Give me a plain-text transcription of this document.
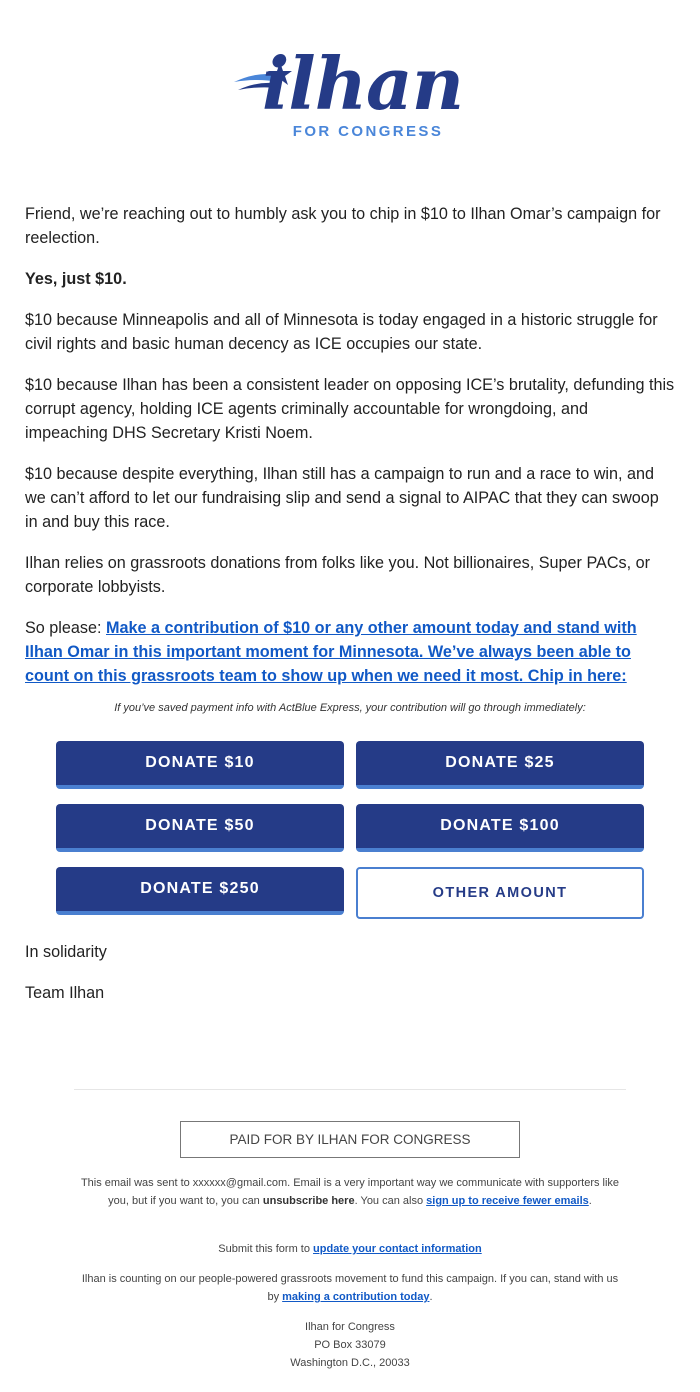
ilhan
FOR CONGRESS

Friend, we’re reaching out to humbly ask you to chip in $10 to Ilhan Omar’s campaign for reelection.

Yes, just $10.

$10 because Minneapolis and all of Minnesota is today engaged in a historic struggle for civil rights and basic human decency as ICE occupies our state.

$10 because Ilhan has been a consistent leader on opposing ICE’s brutality, defunding this corrupt agency, holding ICE agents criminally accountable for wrongdoing, and impeaching DHS Secretary Kristi Noem.

$10 because despite everything, Ilhan still has a campaign to run and a race to win, and we can’t afford to let our fundraising slip and send a signal to AIPAC that they can swoop in and buy this race.

Ilhan relies on grassroots donations from folks like you. Not billionaires, Super PACs, or corporate lobbyists.

So please: Make a contribution of $10 or any other amount today and stand with Ilhan Omar in this important moment for Minnesota. We’ve always been able to count on this grassroots team to show up when we need it most. Chip in here:

If you’ve saved payment info with ActBlue Express, your contribution will go through immediately:
DONATE $10	DONATE $25
DONATE $50	DONATE $100
DONATE $250	OTHER AMOUNT
In solidarity
Team Ilhan
PAID FOR BY ILHAN FOR CONGRESS
This email was sent to xxxxxx@gmail.com. Email is a very important way we communicate with supporters like you, but if you want to, you can unsubscribe here. You can also sign up to receive fewer emails.
Submit this form to update your contact information
Ilhan is counting on our people-powered grassroots movement to fund this campaign. If you can, stand with us by making a contribution today.
Ilhan for Congress
PO Box 33079
Washington D.C., 20033
